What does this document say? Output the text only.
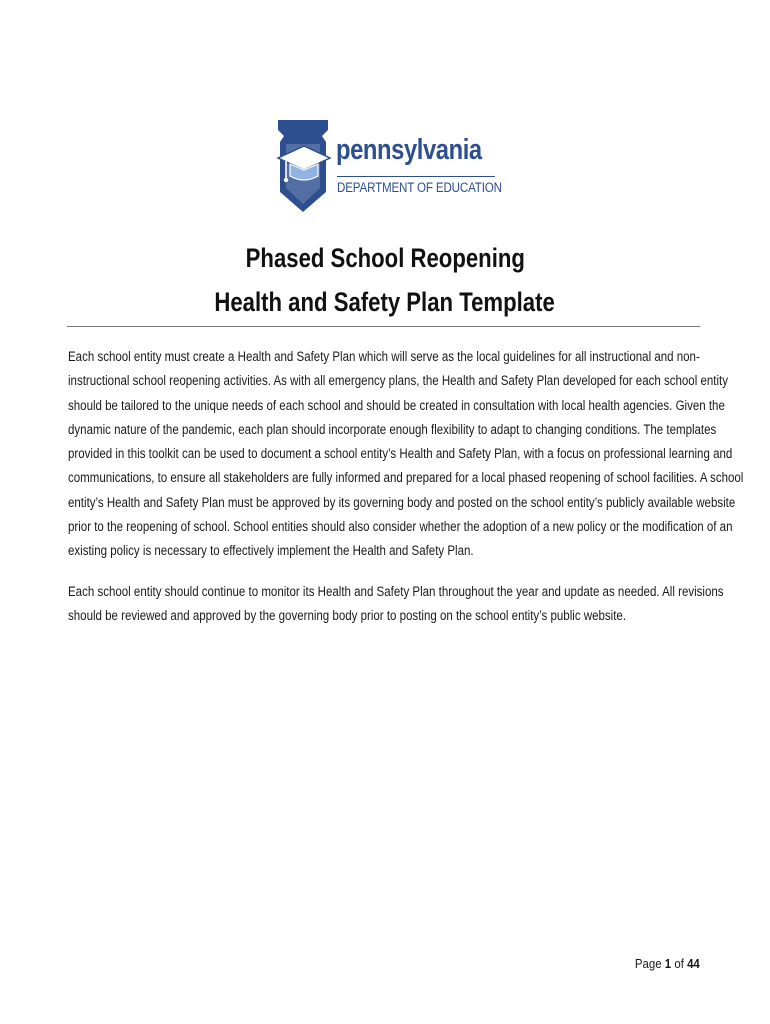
pennsylvania
DEPARTMENT OF EDUCATION
Phased School Reopening
Health and Safety Plan Template
Each school entity must create a Health and Safety Plan which will serve as the local guidelines for all instructional and non-
instructional school reopening activities. As with all emergency plans, the Health and Safety Plan developed for each school entity
should be tailored to the unique needs of each school and should be created in consultation with local health agencies. Given the
dynamic nature of the pandemic, each plan should incorporate enough flexibility to adapt to changing conditions. The templates
provided in this toolkit can be used to document a school entity’s Health and Safety Plan, with a focus on professional learning and
communications, to ensure all stakeholders are fully informed and prepared for a local phased reopening of school facilities. A school
entity’s Health and Safety Plan must be approved by its governing body and posted on the school entity’s publicly available website
prior to the reopening of school. School entities should also consider whether the adoption of a new policy or the modification of an
existing policy is necessary to effectively implement the Health and Safety Plan.
Each school entity should continue to monitor its Health and Safety Plan throughout the year and update as needed. All revisions
should be reviewed and approved by the governing body prior to posting on the school entity’s public website.
Page 1 of 44
